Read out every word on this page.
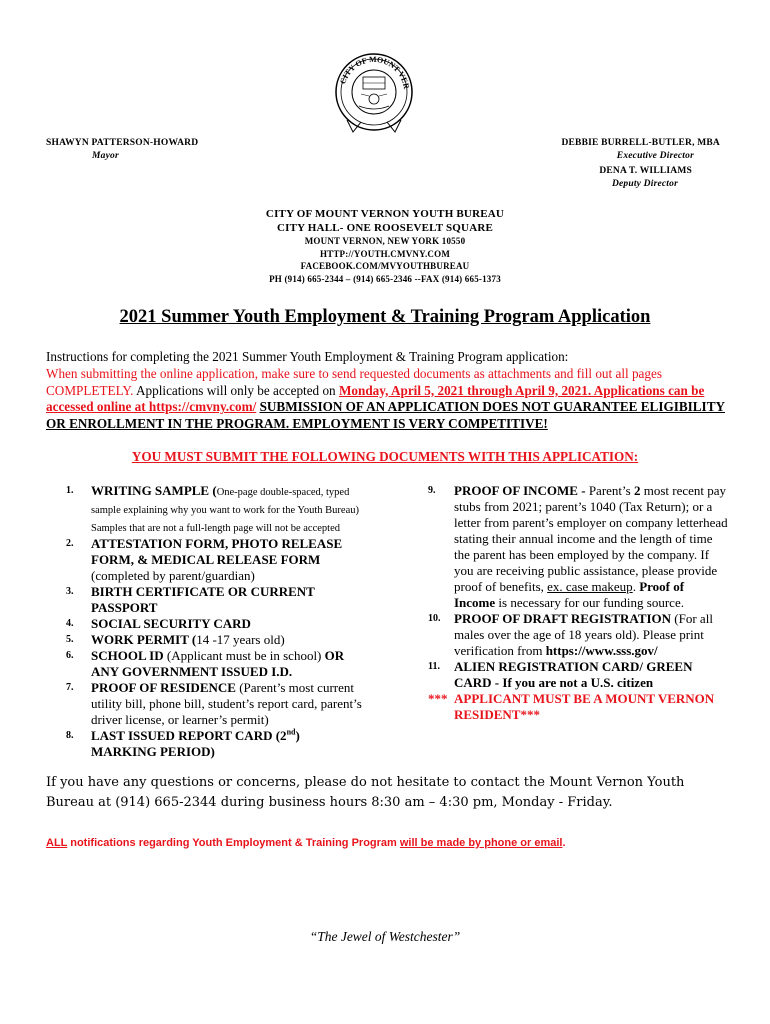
CITY OF MOUNT VER
SHAWYN PATTERSON-HOWARD
Mayor
DEBBIE BURRELL-BUTLER, MBA
Executive Director
DENA T. WILLIAMS
Deputy Director
CITY OF MOUNT VERNON YOUTH BUREAU
CITY HALL- ONE ROOSEVELT SQUARE
MOUNT VERNON, NEW YORK 10550
HTTP://YOUTH.CMVNY.COM
FACEBOOK.COM/MVYOUTHBUREAU
PH (914) 665-2344 – (914) 665-2346 --FAX (914) 665-1373
2021 Summer Youth Employment & Training Program Application
Instructions for completing the 2021 Summer Youth Employment & Training Program application:
When submitting the online application, make sure to send requested documents as attachments and fill out all pages COMPLETELY. Applications will only be accepted on Monday, April 5, 2021 through April 9, 2021. Applications can be accessed online at https://cmvny.com/ SUBMISSION OF AN APPLICATION DOES NOT GUARANTEE ELIGIBILITY OR ENROLLMENT IN THE PROGRAM. EMPLOYMENT IS VERY COMPETITIVE!
YOU MUST SUBMIT THE FOLLOWING DOCUMENTS WITH THIS APPLICATION:
1. WRITING SAMPLE (One-page double-spaced, typed sample explaining why you want to work for the Youth Bureau) Samples that are not a full-length page will not be accepted
2. ATTESTATION FORM, PHOTO RELEASE FORM, & MEDICAL RELEASE FORM
(completed by parent/guardian)
3. BIRTH CERTIFICATE OR CURRENT PASSPORT
4. SOCIAL SECURITY CARD
5. WORK PERMIT (14 -17 years old)
6. SCHOOL ID (Applicant must be in school) OR ANY GOVERNMENT ISSUED I.D.
7. PROOF OF RESIDENCE (Parent’s most current utility bill, phone bill, student’s report card, parent’s driver license, or learner’s permit)
8. LAST ISSUED REPORT CARD (2nd)
MARKING PERIOD)
9. PROOF OF INCOME - Parent’s 2 most recent pay stubs from 2021; parent’s 1040 (Tax Return); or a letter from parent’s employer on company letterhead stating their annual income and the length of time the parent has been employed by the company. If you are receiving public assistance, please provide proof of benefits, ex. case makeup. Proof of Income is necessary for our funding source.
10. PROOF OF DRAFT REGISTRATION (For all males over the age of 18 years old). Please print verification from https://www.sss.gov/
11. ALIEN REGISTRATION CARD/ GREEN CARD - If you are not a U.S. citizen
*** APPLICANT MUST BE A MOUNT VERNON RESIDENT***
If you have any questions or concerns, please do not hesitate to contact the Mount Vernon Youth Bureau at (914) 665-2344 during business hours 8:30 am – 4:30 pm, Monday - Friday.
ALL notifications regarding Youth Employment & Training Program will be made by phone or email.
“The Jewel of Westchester”
